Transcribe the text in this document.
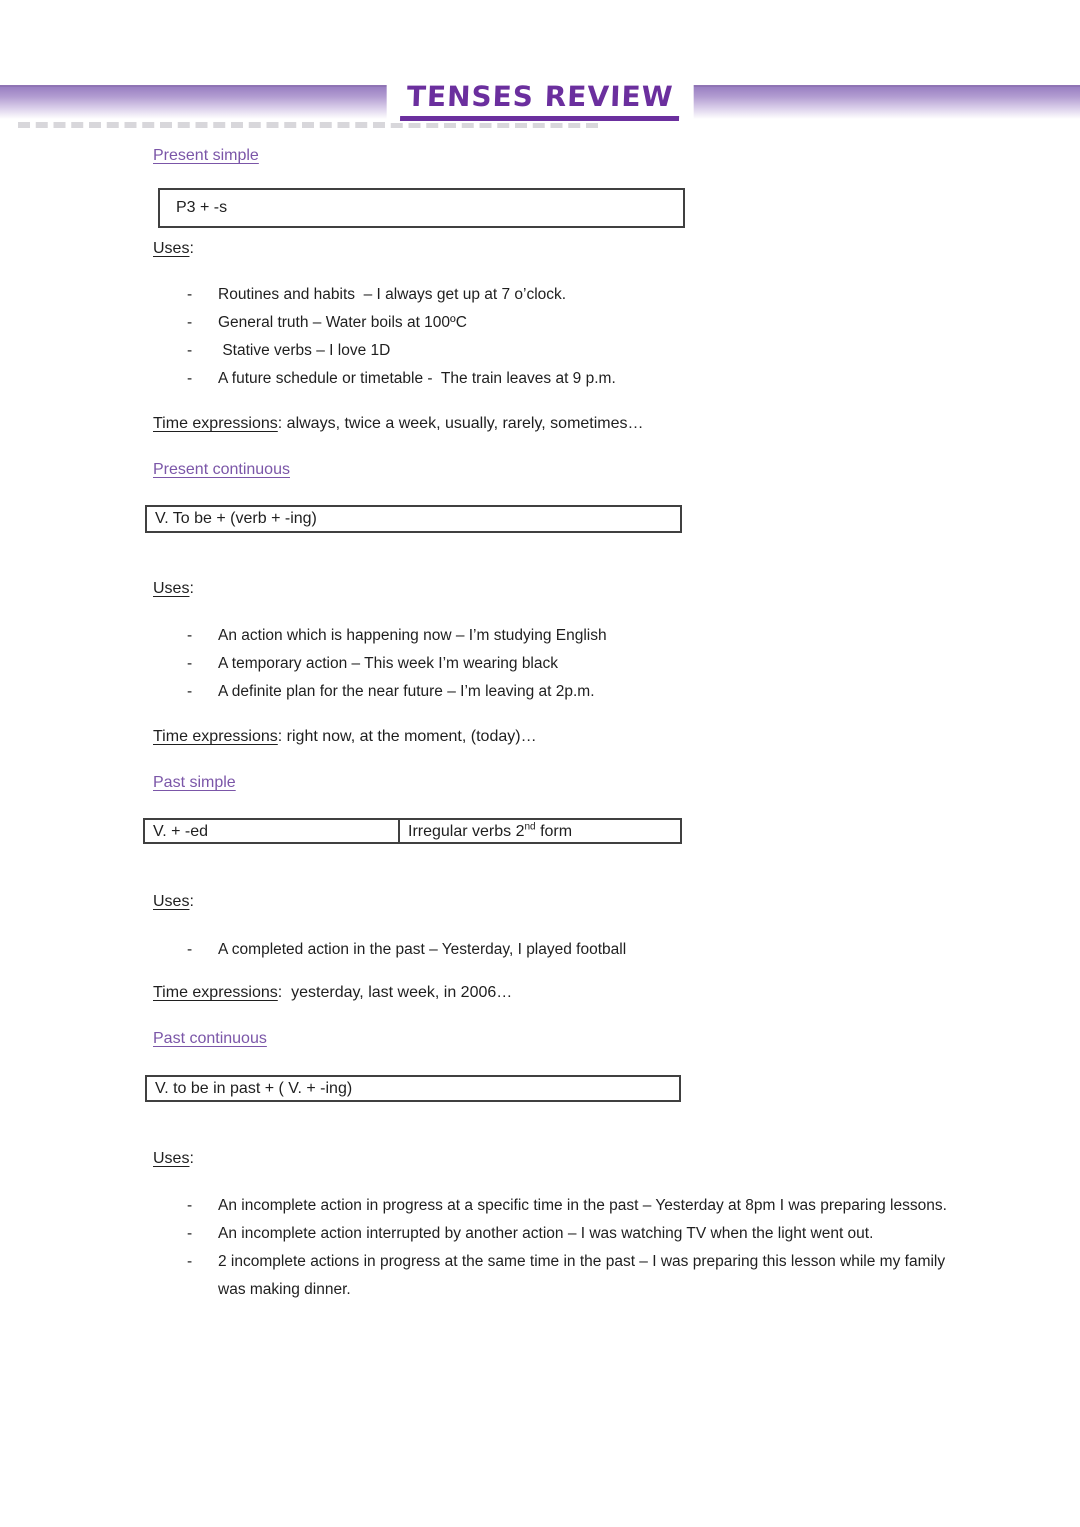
TENSES REVIEW
Present simple
P3 + -s
Uses:
- Routines and habits  – I always get up at 7 o’clock.
- General truth – Water boils at 100ºC
- Stative verbs – I love 1D
- A future schedule or timetable -  The train leaves at 9 p.m.
Time expressions: always, twice a week, usually, rarely, sometimes…
Present continuous
V. To be + (verb + -ing)
Uses:
- An action which is happening now – I’m studying English
- A temporary action – This week I’m wearing black
- A definite plan for the near future – I’m leaving at 2p.m.
Time expressions: right now, at the moment, (today)…
Past simple
V. + -ed	Irregular verbs 2nd form
Uses:
- A completed action in the past – Yesterday, I played football
Time expressions:  yesterday, last week, in 2006…
Past continuous
V. to be in past + ( V. + -ing)
Uses:
- An incomplete action in progress at a specific time in the past – Yesterday at 8pm I was preparing lessons.
- An incomplete action interrupted by another action – I was watching TV when the light went out.
- 2 incomplete actions in progress at the same time in the past – I was preparing this lesson while my family was making dinner.
